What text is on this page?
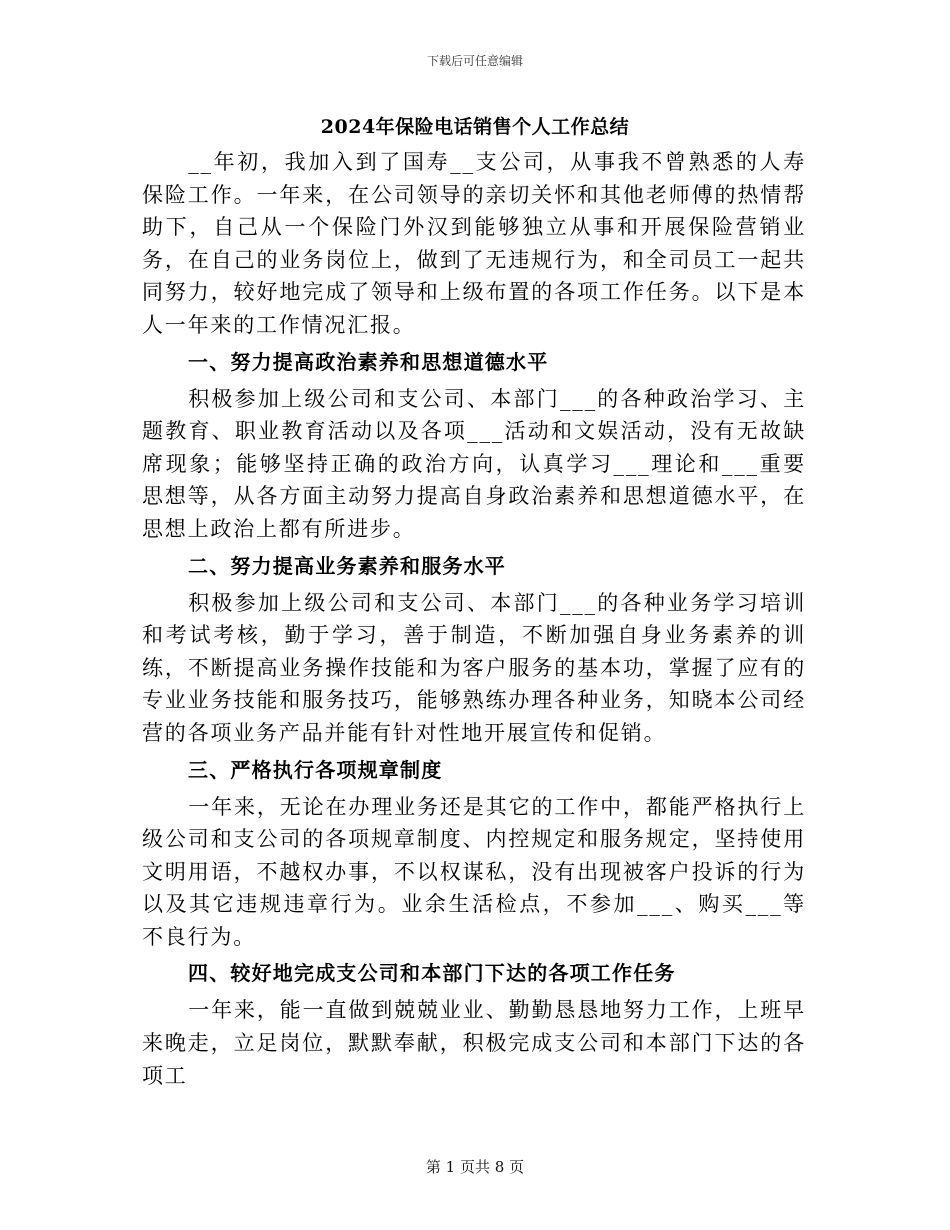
下载后可任意编辑
2024年保险电话销售个人工作总结

__年初，我加入到了国寿__支公司，从事我不曾熟悉的人寿保险工作。一年来，在公司领导的亲切关怀和其他老师傅的热情帮助下，自己从一个保险门外汉到能够独立从事和开展保险营销业务，在自己的业务岗位上，做到了无违规行为，和全司员工一起共同努力，较好地完成了领导和上级布置的各项工作任务。以下是本人一年来的工作情况汇报。

一、努力提高政治素养和思想道德水平

积极参加上级公司和支公司、本部门___的各种政治学习、主题教育、职业教育活动以及各项___活动和文娱活动，没有无故缺席现象；能够坚持正确的政治方向，认真学习___理论和___重要思想等，从各方面主动努力提高自身政治素养和思想道德水平，在思想上政治上都有所进步。

二、努力提高业务素养和服务水平

积极参加上级公司和支公司、本部门___的各种业务学习培训和考试考核，勤于学习，善于制造，不断加强自身业务素养的训练，不断提高业务操作技能和为客户服务的基本功，掌握了应有的专业业务技能和服务技巧，能够熟练办理各种业务，知晓本公司经营的各项业务产品并能有针对性地开展宣传和促销。

三、严格执行各项规章制度

一年来，无论在办理业务还是其它的工作中，都能严格执行上级公司和支公司的各项规章制度、内控规定和服务规定，坚持使用文明用语，不越权办事，不以权谋私，没有出现被客户投诉的行为以及其它违规违章行为。业余生活检点，不参加___、购买___等不良行为。

四、较好地完成支公司和本部门下达的各项工作任务

一年来，能一直做到兢兢业业、勤勤恳恳地努力工作，上班早来晚走，立足岗位，默默奉献，积极完成支公司和本部门下达的各项工

第 1 页共 8 页
